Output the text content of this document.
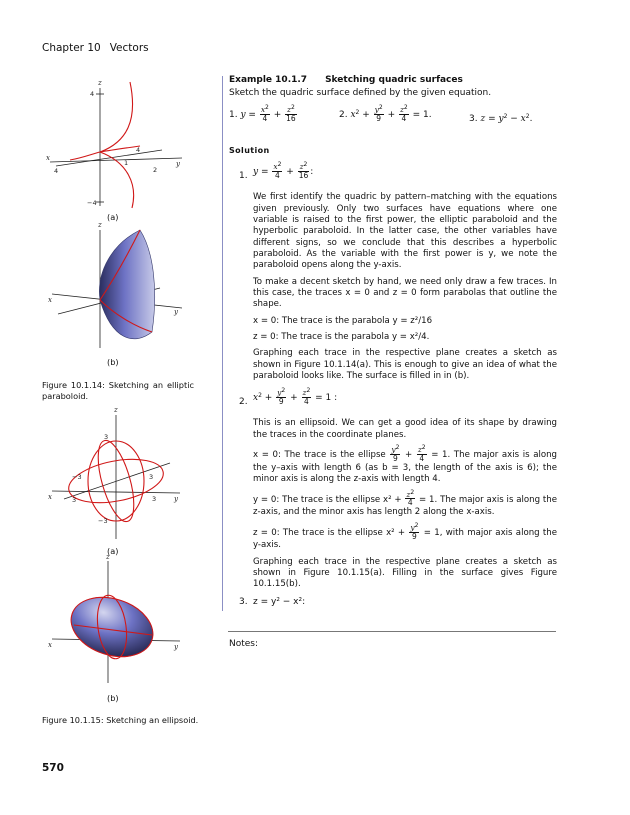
Chapter 10 Vectors
z
x
y
4
−4
4
1
2
4
(a)
z
x
y
(b)
Figure 10.1.14: Sketching an elliptic paraboloid.
z
x	y
3
−3
3	3
−3	3
(a)
z
x	y
(b)
Figure 10.1.15: Sketching an ellipsoid.
Example 10.1.7 Sketching quadric surfaces
Sketch the quadric surface defined by the given equation.
1. $y = \frac{x^2}{4} + \frac{z^2}{16}$	2. $x^2 + \frac{y^2}{9} + \frac{z^2}{4} = 1$.	3. $z = y^2 - x^2$.
Solution
1. $y = \frac{x^2}{4} + \frac{z^2}{16}$ :
We first identify the quadric by pattern–matching with the equations given previously. Only two surfaces have equations where one variable is raised to the first power, the elliptic paraboloid and the hyperbolic paraboloid. In the latter case, the other variables have different signs, so we conclude that this describes a hyperbolic paraboloid. As the variable with the first power is y, we note the paraboloid opens along the y-axis.
To make a decent sketch by hand, we need only draw a few traces. In this case, the traces x = 0 and z = 0 form parabolas that outline the shape.
x = 0: The trace is the parabola y = z²/16
z = 0: The trace is the parabola y = x²/4.
Graphing each trace in the respective plane creates a sketch as shown in Figure 10.1.14(a). This is enough to give an idea of what the paraboloid looks like. The surface is filled in in (b).
2. $x^2 + \frac{y^2}{9} + \frac{z^2}{4} = 1$ :
This is an ellipsoid. We can get a good idea of its shape by drawing the traces in the coordinate planes.
x = 0: The trace is the ellipse $\frac{y^2}{9} + \frac{z^2}{4} = 1$. The major axis is along the y–axis with length 6 (as b = 3, the length of the axis is 6); the minor axis is along the z-axis with length 4.
y = 0: The trace is the ellipse $x^2 + \frac{z^2}{4} = 1$. The major axis is along the z-axis, and the minor axis has length 2 along the x-axis.
z = 0: The trace is the ellipse $x^2 + \frac{y^2}{9} = 1$, with major axis along the y-axis.
Graphing each trace in the respective plane creates a sketch as shown in Figure 10.1.15(a). Filling in the surface gives Figure 10.1.15(b).
3. z = y² − x²:
Notes:
570
